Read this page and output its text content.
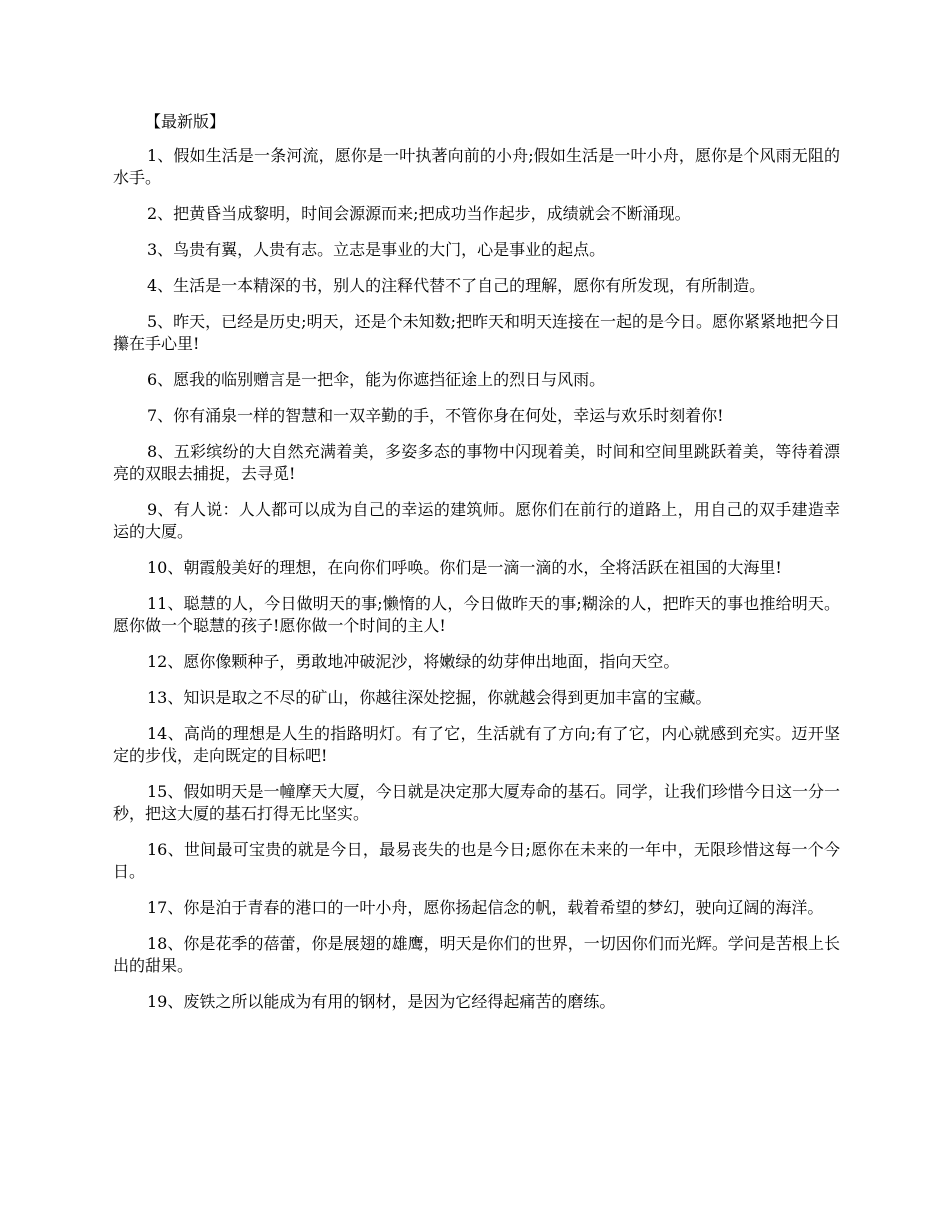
【最新版】

1、假如生活是一条河流，愿你是一叶执著向前的小舟;假如生活是一叶小舟，愿你是个风雨无阻的水手。

2、把黄昏当成黎明，时间会源源而来;把成功当作起步，成绩就会不断涌现。

3、鸟贵有翼，人贵有志。立志是事业的大门，心是事业的起点。

4、生活是一本精深的书，别人的注释代替不了自己的理解，愿你有所发现，有所制造。

5、昨天，已经是历史;明天，还是个未知数;把昨天和明天连接在一起的是今日。愿你紧紧地把今日攥在手心里!

6、愿我的临别赠言是一把伞，能为你遮挡征途上的烈日与风雨。

7、你有涌泉一样的智慧和一双辛勤的手，不管你身在何处，幸运与欢乐时刻着你!

8、五彩缤纷的大自然充满着美，多姿多态的事物中闪现着美，时间和空间里跳跃着美，等待着漂亮的双眼去捕捉，去寻觅!

9、有人说：人人都可以成为自己的幸运的建筑师。愿你们在前行的道路上，用自己的双手建造幸运的大厦。

10、朝霞般美好的理想，在向你们呼唤。你们是一滴一滴的水，全将活跃在祖国的大海里!

11、聪慧的人，今日做明天的事;懒惰的人，今日做昨天的事;糊涂的人，把昨天的事也推给明天。愿你做一个聪慧的孩子!愿你做一个时间的主人!

12、愿你像颗种子，勇敢地冲破泥沙，将嫩绿的幼芽伸出地面，指向天空。

13、知识是取之不尽的矿山，你越往深处挖掘，你就越会得到更加丰富的宝藏。

14、高尚的理想是人生的指路明灯。有了它，生活就有了方向;有了它，内心就感到充实。迈开坚定的步伐，走向既定的目标吧!

15、假如明天是一幢摩天大厦，今日就是决定那大厦寿命的基石。同学，让我们珍惜今日这一分一秒，把这大厦的基石打得无比坚实。

16、世间最可宝贵的就是今日，最易丧失的也是今日;愿你在未来的一年中，无限珍惜这每一个今日。

17、你是泊于青春的港口的一叶小舟，愿你扬起信念的帆，载着希望的梦幻，驶向辽阔的海洋。

18、你是花季的蓓蕾，你是展翅的雄鹰，明天是你们的世界，一切因你们而光辉。学问是苦根上长出的甜果。

19、废铁之所以能成为有用的钢材，是因为它经得起痛苦的磨练。
